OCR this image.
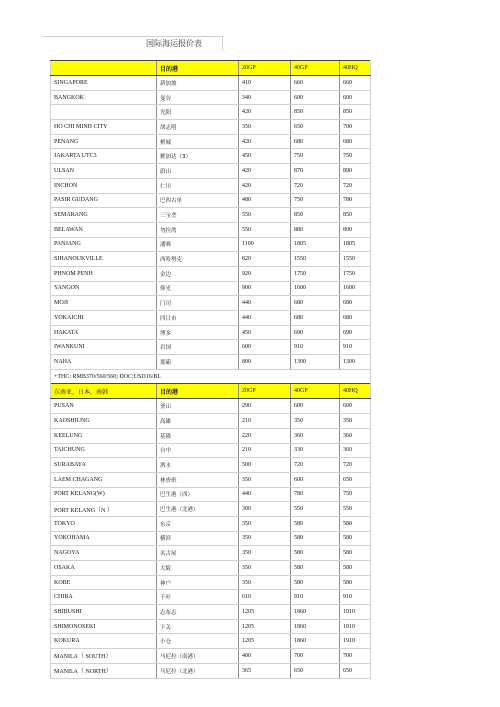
国际海运报价表
	目的港	20GP	40GP	40HQ
SINGAPORE	新加坡	410	660	660
BANGKOK	曼谷	340	600	600
	光阳	420	850	850
HO CHI MINH CITY	胡志明	350	650	700
PENANG	槟城	420	680	680
JAKARTA UTC3	雅加达（3）	450	750	750
ULSAN	蔚山	420	870	890
INCHON	仁川	420	720	720
PASIR GUDANG	巴西古单	480	750	780
SEMARANG	三宝垄	550	850	850
BELAWAN	勿拉湾	550	880	800
PANJANG	潘赛	1100	1805	1805
SIHANOUKVILLE	西哈努克	820	1550	1550
PHNOM PENH	金边	920	1750	1750
YANGON	仰光	900	1600	1600
MOJI	门司	440	680	680
YOKAICHI	四日市	440	680	680
HAKATA	博多	450	690	690
IWANKUNI	岩国	600	910	910
NAHA	那霸	800	1300	1300
+THC: RMB370/560/560; DOC:USD16/BL				
东南亚，日本，南韩	目的港	20GP	40GP	40HQ
PUSAN	釜山	290	600	600
KAOSHIUNG	高雄	210	350	350
KEELUNG	基隆	220	360	360
TAICHUNG	台中	210	330	360
SURABAYA	泗水	500	720	720
LAEM CHAGANG	林查班	350	600	650
PORT KELANG(W)	巴生港（西）	440	780	750
PORT KELANG（N ）	巴生港（北港）	300	550	550
TOKYO	东京	350	580	580
YOKOHAMA	横滨	350	580	580
NAGOYA	名古屋	350	580	580
OSAKA	大阪	350	580	580
KOBE	神户	350	580	580
CHIBA	千叶	610	910	910
SHIBUSHI	志布志	1205	1860	1910
SHIMONOSEKI	下关	1205	1860	1910
KOKURA	小仓	1205	1860	1910
MANILA（ SOUTH）	马尼拉（南港）	400	700	700
MANILA（ NORTH）	马尼拉（北港）	365	650	650
